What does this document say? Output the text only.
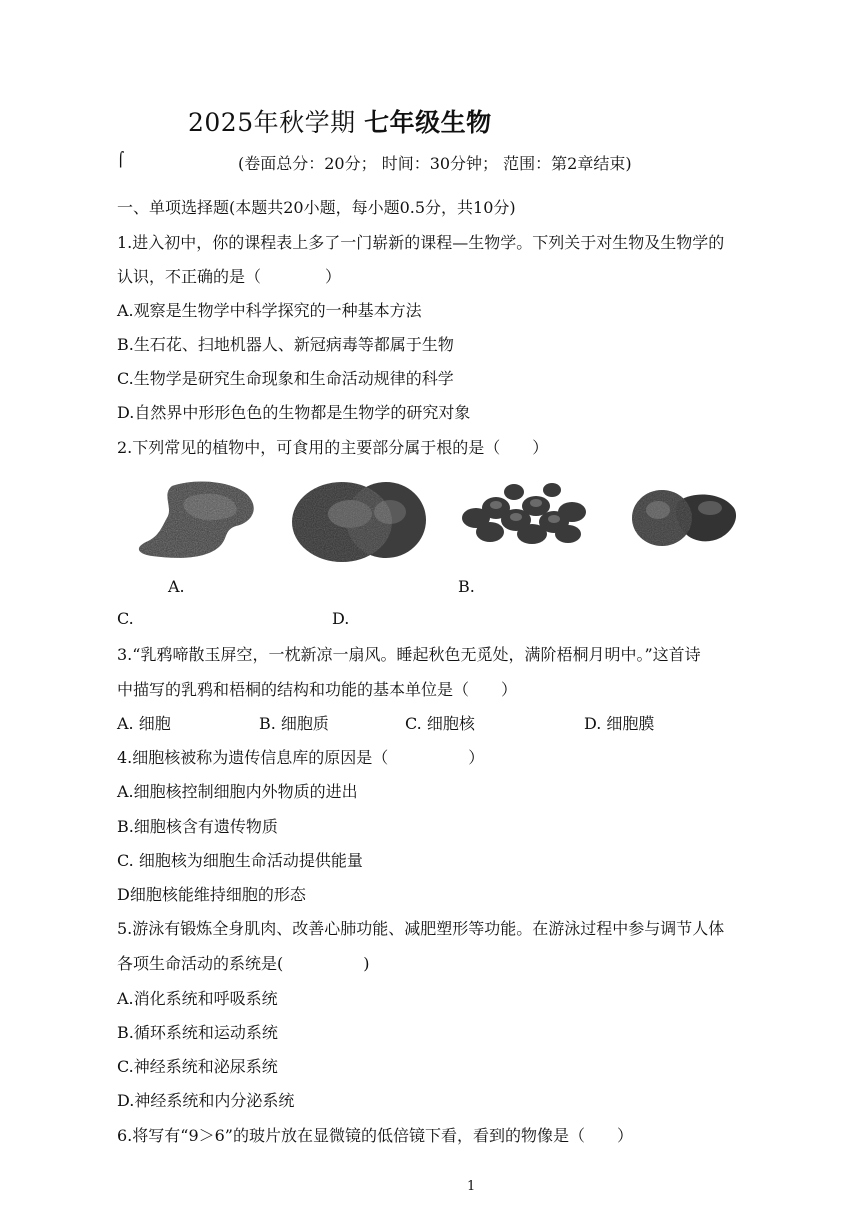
2025年秋学期 七年级生物
⌠	(卷面总分：20分； 时间：30分钟； 范围：第2章结束)
一、单项选择题(本题共20小题，每小题0.5分，共10分)
1.进入初中，你的课程表上多了一门崭新的课程—生物学。下列关于对生物及生物学的
认识，不正确的是（　　　　）
A.观察是生物学中科学探究的一种基本方法
B.生石花、扫地机器人、新冠病毒等都属于生物
C.生物学是研究生命现象和生命活动规律的科学
D.自然界中形形色色的生物都是生物学的研究对象
2.下列常见的植物中，可食用的主要部分属于根的是（　　）
A.	B.
C.	D.
3.“乳鸦啼散玉屏空，一枕新凉一扇风。睡起秋色无觅处，满阶梧桐月明中。”这首诗
中描写的乳鸦和梧桐的结构和功能的基本单位是（　　）
A. 细胞	B. 细胞质	C. 细胞核	D. 细胞膜
4.细胞核被称为遗传信息库的原因是（　　　　　）
A.细胞核控制细胞内外物质的进出
B.细胞核含有遗传物质
C. 细胞核为细胞生命活动提供能量
D细胞核能维持细胞的形态
5.游泳有锻炼全身肌肉、改善心肺功能、减肥塑形等功能。在游泳过程中参与调节人体
各项生命活动的系统是(　　　　　)
A.消化系统和呼吸系统
B.循环系统和运动系统
C.神经系统和泌尿系统
D.神经系统和内分泌系统
6.将写有“9＞6”的玻片放在显微镜的低倍镜下看，看到的物像是（　　）
1
